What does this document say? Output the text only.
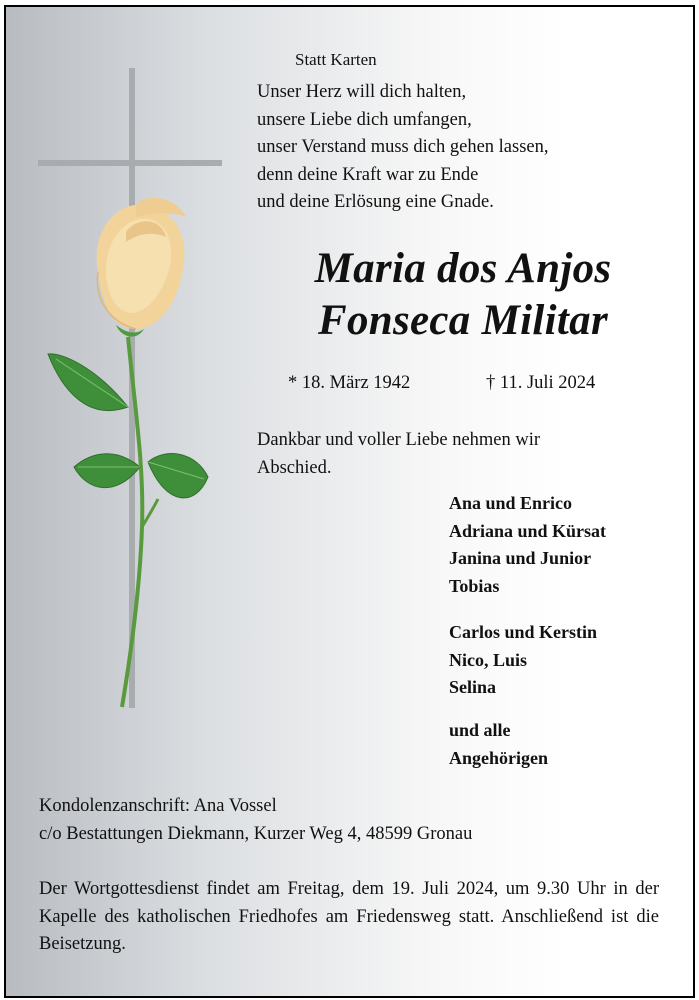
Statt Karten
Unser Herz will dich halten,
unsere Liebe dich umfangen,
unser Verstand muss dich gehen lassen,
denn deine Kraft war zu Ende
und deine Erlösung eine Gnade.
Maria dos Anjos
Fonseca Militar
* 18. März 1942	† 11. Juli 2024
Dankbar und voller Liebe nehmen wir
Abschied.
Ana und Enrico
Adriana und Kürsat
Janina und Junior
Tobias
Carlos und Kerstin
Nico, Luis
Selina
und alle
Angehörigen
Kondolenzanschrift: Ana Vossel
c/o Bestattungen Diekmann, Kurzer Weg 4, 48599 Gronau
Der Wortgottesdienst findet am Freitag, dem 19. Juli 2024, um 9.30 Uhr in der Kapelle des katholischen Friedhofes am Friedensweg statt. Anschließend ist die Beisetzung.
